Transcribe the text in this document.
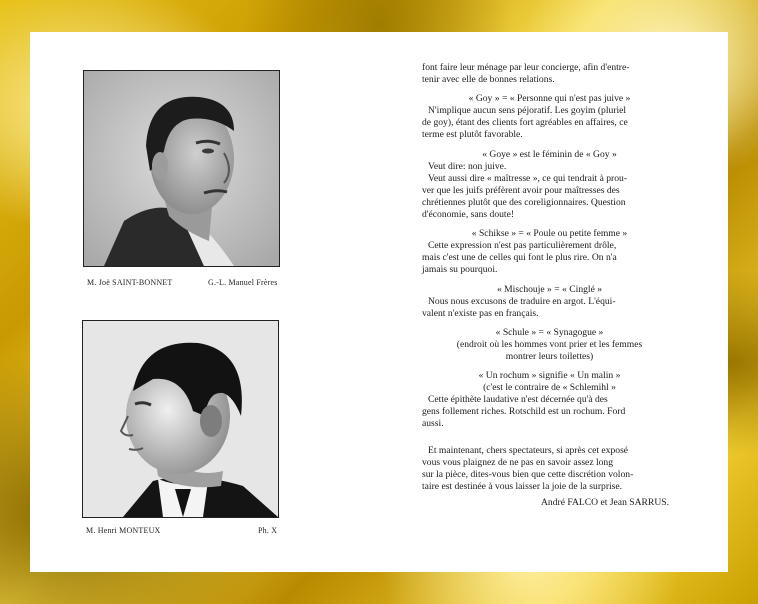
M. Joë SAINT-BONNET	G.-L. Manuel Frères
M. Henri MONTEUX	Ph. X

font faire leur ménage par leur concierge, afin d'entre-

tenir avec elle de bonnes relations.

« Goy » = « Personne qui n'est pas juive »

N'implique aucun sens péjoratif. Les goyim (pluriel

de goy), étant des clients fort agréables en affaires, ce

terme est plutôt favorable.

« Goye » est le féminin de « Goy »

Veut dire: non juive.

Veut aussi dire « maîtresse », ce qui tendrait à prou-

ver que les juifs préfèrent avoir pour maîtresses des

chrétiennes plutôt que des coreligionnaires. Question

d'économie, sans doute!

« Schikse » = « Poule ou petite femme »

Cette expression n'est pas particulièrement drôle,

mais c'est une de celles qui font le plus rire. On n'a

jamais su pourquoi.

« Mischouje » = « Cinglé »

Nous nous excusons de traduire en argot. L'équi-

valent n'existe pas en français.

« Schule » = « Synagogue »

(endroit où les hommes vont prier et les femmes

montrer leurs toilettes)

« Un rochum » signifie « Un malin »

(c'est le contraire de « Schlemihl »

Cette épithète laudative n'est décernée qu'à des

gens follement riches. Rotschild est un rochum. Ford

aussi.

Et maintenant, chers spectateurs, si après cet exposé

vous vous plaignez de ne pas en savoir assez long

sur la pièce, dites-vous bien que cette discrétion volon-

taire est destinée à vous laisser la joie de la surprise.

André FALCO et Jean SARRUS.
